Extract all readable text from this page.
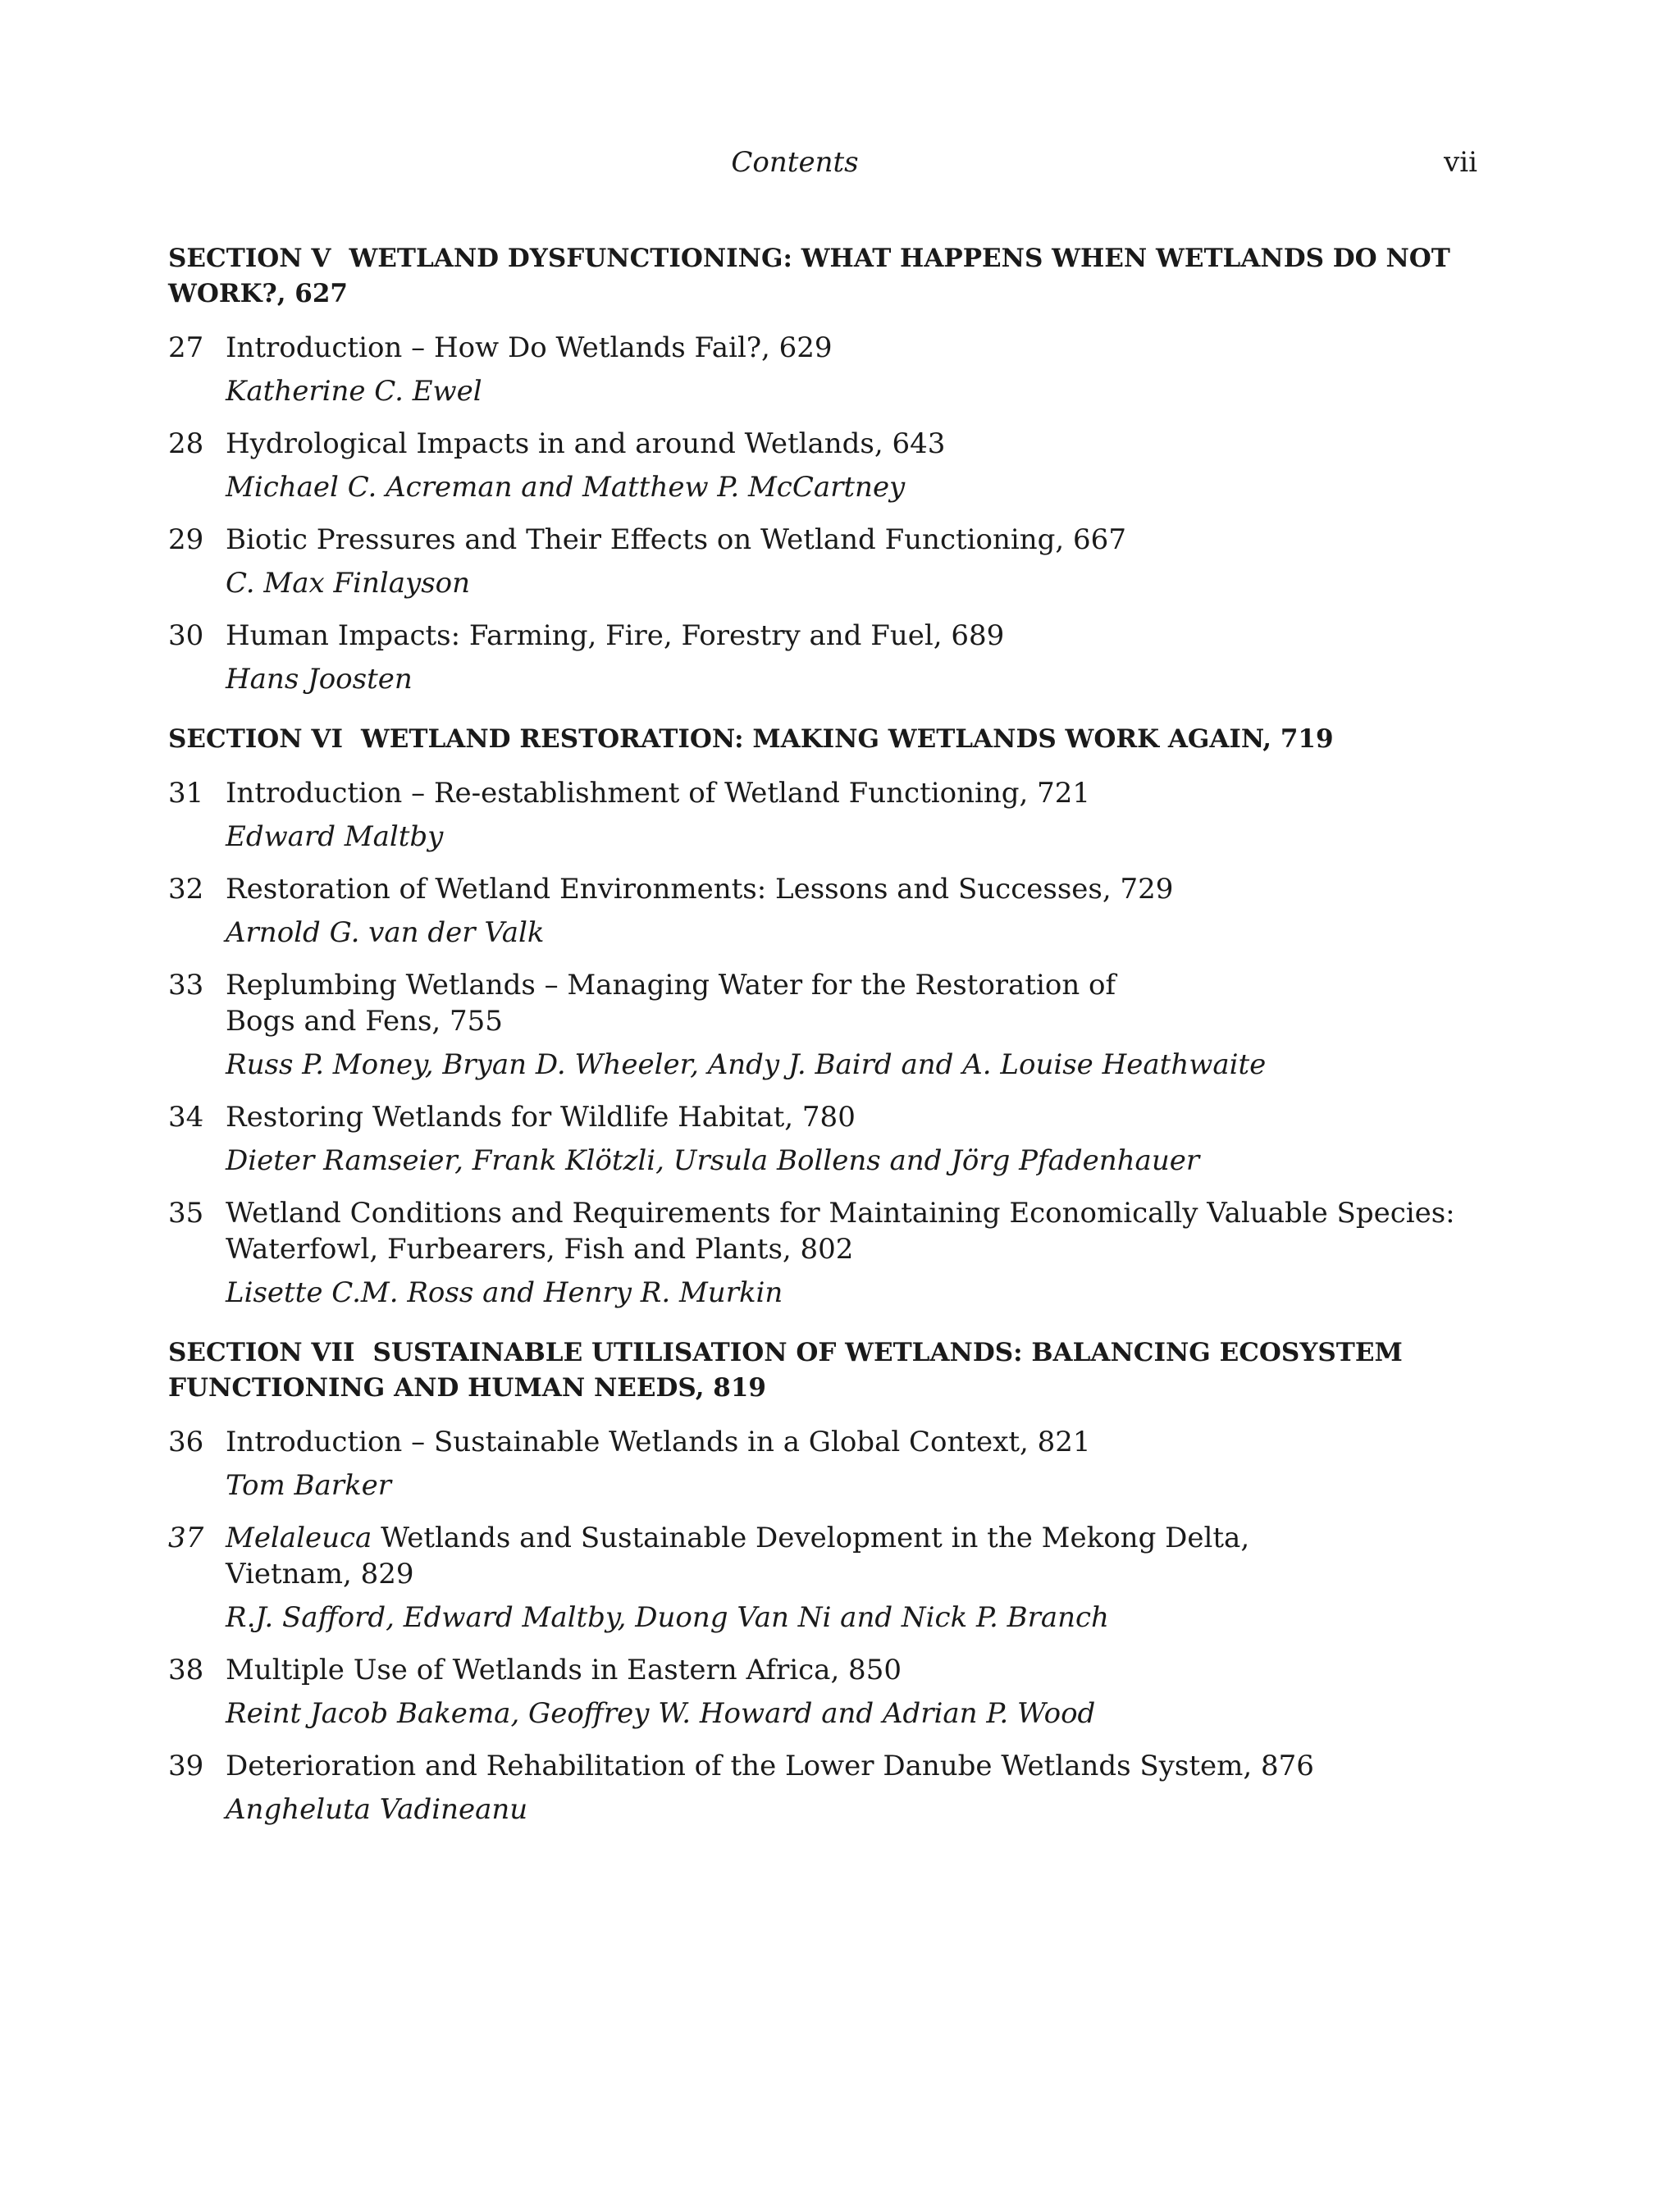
Contents	vii
SECTION V WETLAND DYSFUNCTIONING: WHAT HAPPENS WHEN WETLANDS DO NOT WORK?, 627
27 Introduction – How Do Wetlands Fail?, 629
Katherine C. Ewel
28 Hydrological Impacts in and around Wetlands, 643
Michael C. Acreman and Matthew P. McCartney
29 Biotic Pressures and Their Effects on Wetland Functioning, 667
C. Max Finlayson
30 Human Impacts: Farming, Fire, Forestry and Fuel, 689
Hans Joosten
SECTION VI WETLAND RESTORATION: MAKING WETLANDS WORK AGAIN, 719
31 Introduction – Re-establishment of Wetland Functioning, 721
Edward Maltby
32 Restoration of Wetland Environments: Lessons and Successes, 729
Arnold G. van der Valk
33 Replumbing Wetlands – Managing Water for the Restoration of
Bogs and Fens, 755
Russ P. Money, Bryan D. Wheeler, Andy J. Baird and A. Louise Heathwaite
34 Restoring Wetlands for Wildlife Habitat, 780
Dieter Ramseier, Frank Klötzli, Ursula Bollens and Jörg Pfadenhauer
35 Wetland Conditions and Requirements for Maintaining Economically Valuable Species:
Waterfowl, Furbearers, Fish and Plants, 802
Lisette C.M. Ross and Henry R. Murkin
SECTION VII SUSTAINABLE UTILISATION OF WETLANDS: BALANCING ECOSYSTEM
FUNCTIONING AND HUMAN NEEDS, 819
36 Introduction – Sustainable Wetlands in a Global Context, 821
Tom Barker
37 Melaleuca Wetlands and Sustainable Development in the Mekong Delta,
Vietnam, 829
R.J. Safford, Edward Maltby, Duong Van Ni and Nick P. Branch
38 Multiple Use of Wetlands in Eastern Africa, 850
Reint Jacob Bakema, Geoffrey W. Howard and Adrian P. Wood
39 Deterioration and Rehabilitation of the Lower Danube Wetlands System, 876
Angheluta Vadineanu
